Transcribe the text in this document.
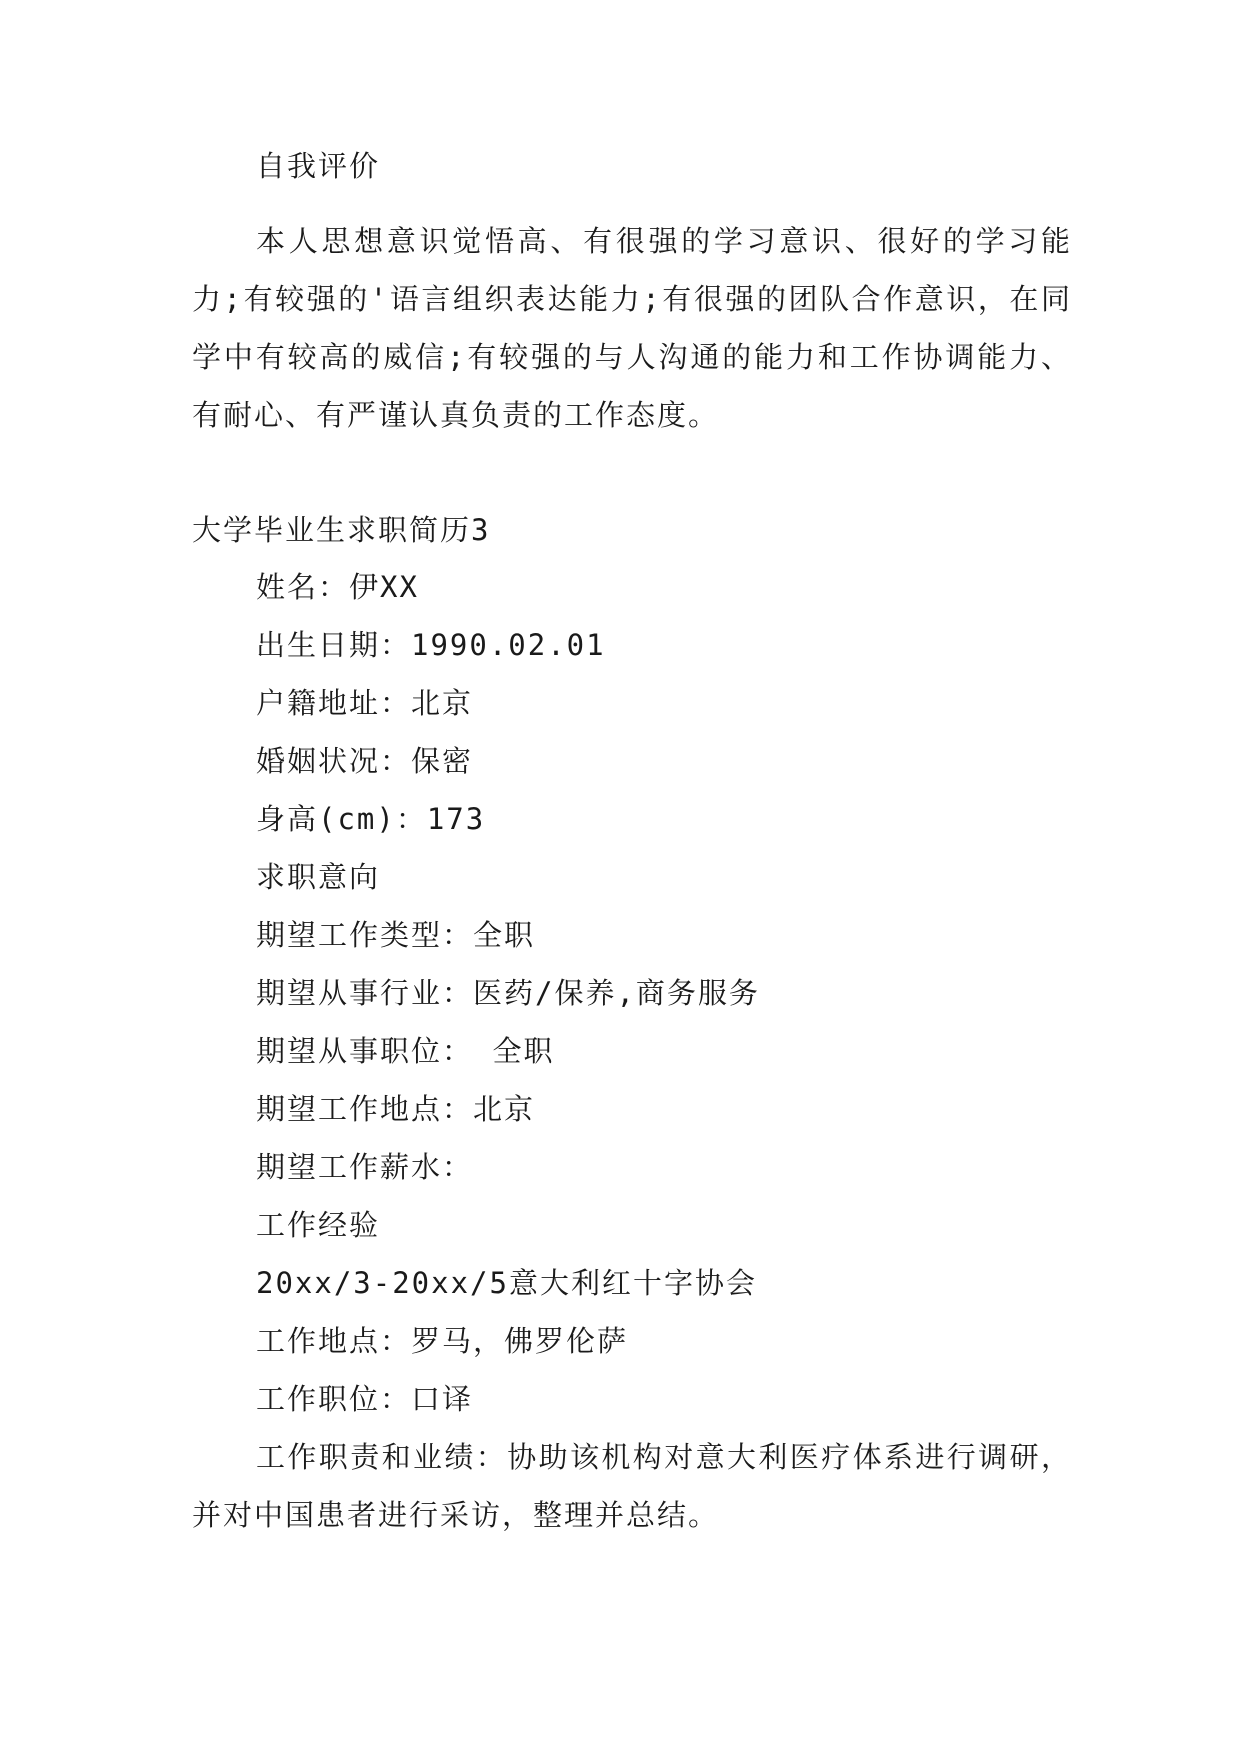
自我评价

本人思想意识觉悟高、有很强的学习意识、很好的学习能力;有较强的'语言组织表达能力;有很强的团队合作意识，在同学中有较高的威信;有较强的与人沟通的能力和工作协调能力、有耐心、有严谨认真负责的工作态度。

大学毕业生求职简历3
姓名：伊XX
出生日期：1990.02.01
户籍地址：北京
婚姻状况：保密
身高(cm)：173
求职意向
期望工作类型：全职
期望从事行业：医药/保养,商务服务
期望从事职位： 全职
期望工作地点：北京
期望工作薪水：
工作经验
20xx/3-20xx/5意大利红十字协会
工作地点：罗马，佛罗伦萨
工作职位：口译

工作职责和业绩：协助该机构对意大利医疗体系进行调研，并对中国患者进行采访，整理并总结。
